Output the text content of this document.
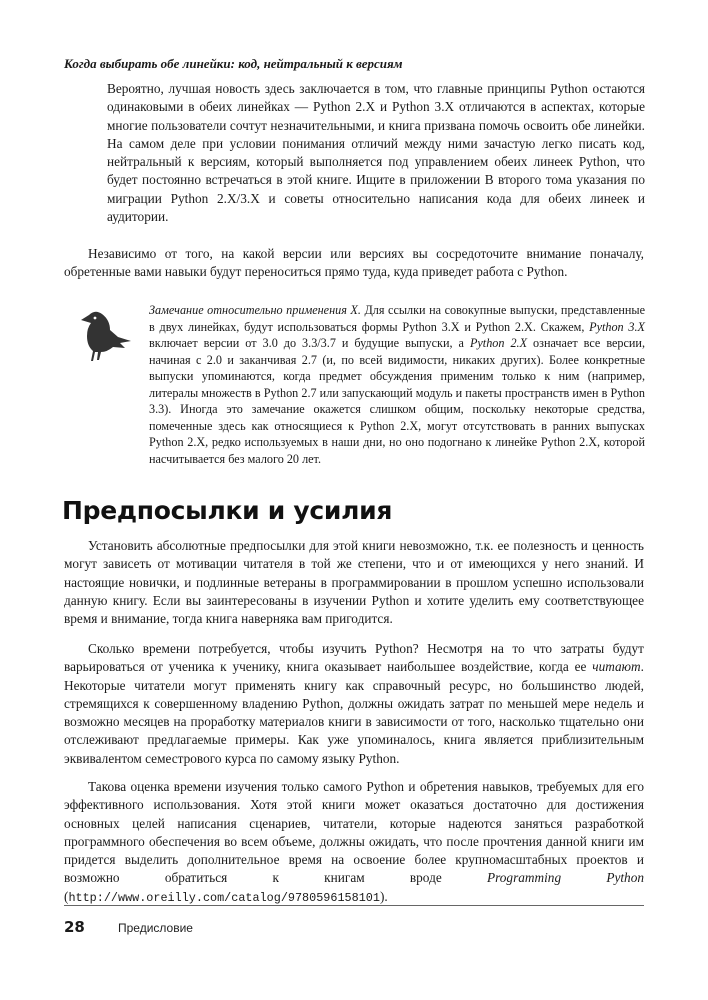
Когда выбирать обе линейки: код, нейтральный к версиям

Вероятно, лучшая новость здесь заключается в том, что главные принципы Python остаются одинаковыми в обеих линейках — Python 2.X и Python 3.X отличаются в аспектах, которые многие пользователи сочтут незначительными, и книга призвана помочь освоить обе линейки. На самом деле при условии понимания отличий между ними зачастую легко писать код, нейтральный к версиям, который выполняется под управлением обеих линеек Python, что будет постоянно встречаться в этой книге. Ищите в приложении В второго тома указания по миграции Python 2.X/3.X и советы относительно написания кода для обеих линеек и аудитории.

Независимо от того, на какой версии или версиях вы сосредоточите внимание поначалу, обретенные вами навыки будут переноситься прямо туда, куда приведет работа с Python.

Замечание относительно применения X. Для ссылки на совокупные выпуски, представленные в двух линейках, будут использоваться формы Python 3.X и Python 2.X. Скажем, Python 3.X включает версии от 3.0 до 3.3/3.7 и будущие выпуски, а Python 2.X означает все версии, начиная с 2.0 и заканчивая 2.7 (и, по всей видимости, никаких других). Более конкретные выпуски упоминаются, когда предмет обсуждения применим только к ним (например, литералы множеств в Python 2.7 или запускающий модуль и пакеты пространств имен в Python 3.3). Иногда это замечание окажется слишком общим, поскольку некоторые средства, помеченные здесь как относящиеся к Python 2.X, могут отсутствовать в ранних выпусках Python 2.X, редко используемых в наши дни, но оно подогнано к линейке Python 2.X, которой насчитывается без малого 20 лет.

Предпосылки и усилия

Установить абсолютные предпосылки для этой книги невозможно, т.к. ее полезность и ценность могут зависеть от мотивации читателя в той же степени, что и от имеющихся у него знаний. И настоящие новички, и подлинные ветераны в программировании в прошлом успешно использовали данную книгу. Если вы заинтересованы в изучении Python и хотите уделить ему соответствующее время и внимание, тогда книга наверняка вам пригодится.

Сколько времени потребуется, чтобы изучить Python? Несмотря на то что затраты будут варьироваться от ученика к ученику, книга оказывает наибольшее воздействие, когда ее читают. Некоторые читатели могут применять книгу как справочный ресурс, но большинство людей, стремящихся к совершенному владению Python, должны ожидать затрат по меньшей мере недель и возможно месяцев на проработку материалов книги в зависимости от того, насколько тщательно они отслеживают предлагаемые примеры. Как уже упоминалось, книга является приблизительным эквивалентом семестрового курса по самому языку Python.

Такова оценка времени изучения только самого Python и обретения навыков, требуемых для его эффективного использования. Хотя этой книги может оказаться достаточно для достижения основных целей написания сценариев, читатели, которые надеются заняться разработкой программного обеспечения во всем объеме, должны ожидать, что после прочтения данной книги им придется выделить дополнительное время на освоение более крупномасштабных проектов и возможно обратиться к книгам вроде Programming Python (http://www.oreilly.com/catalog/9780596158101).

28	Предисловие
